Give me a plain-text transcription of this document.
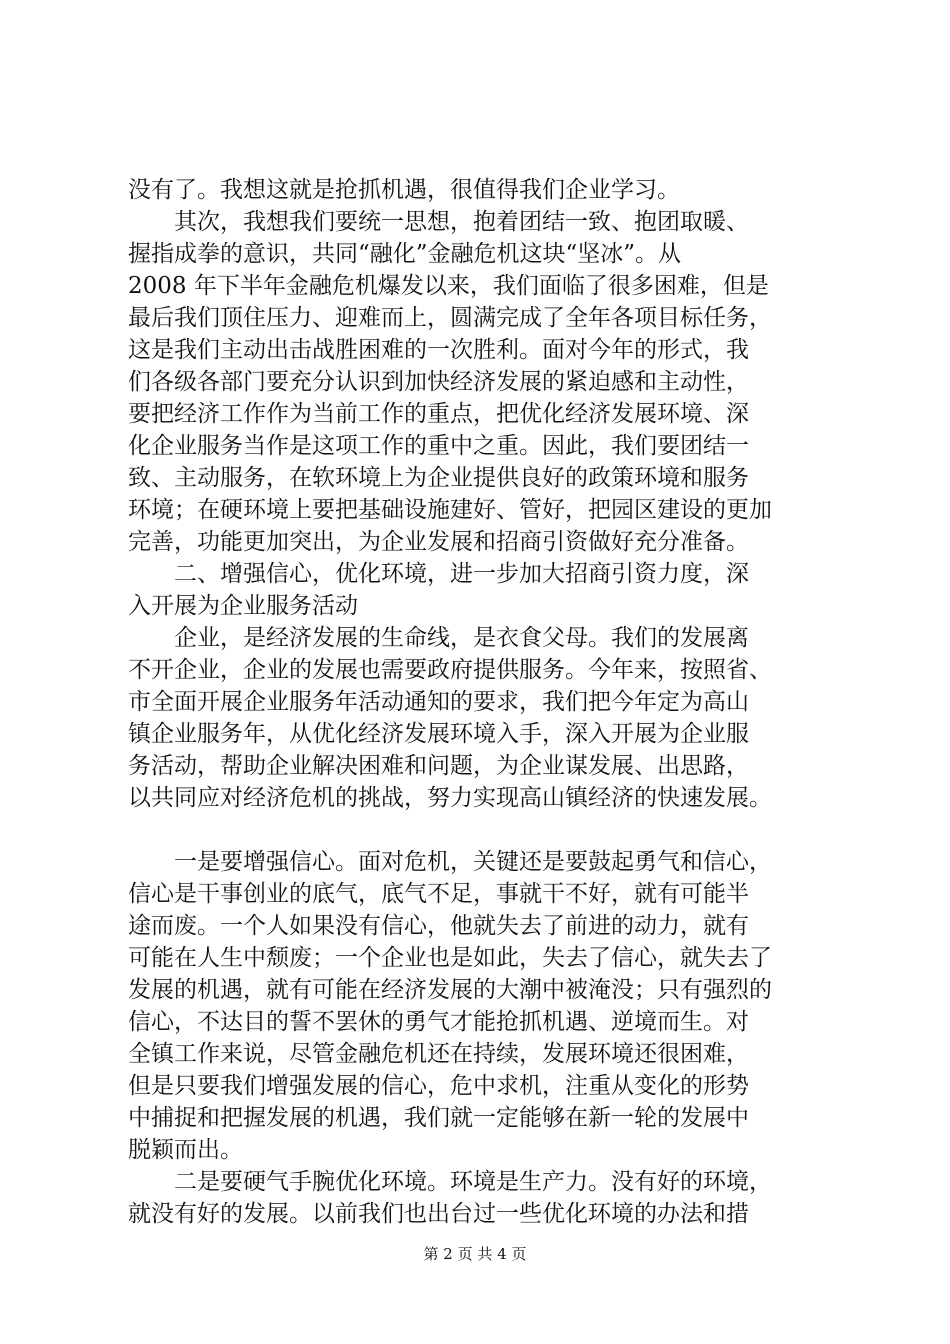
没有了。我想这就是抢抓机遇，很值得我们企业学习。
　　其次，我想我们要统一思想，抱着团结一致、抱团取暖、
握指成拳的意识，共同“融化”金融危机这块“坚冰”。从
2008 年下半年金融危机爆发以来，我们面临了很多困难，但是
最后我们顶住压力、迎难而上，圆满完成了全年各项目标任务，
这是我们主动出击战胜困难的一次胜利。面对今年的形式，我
们各级各部门要充分认识到加快经济发展的紧迫感和主动性，
要把经济工作作为当前工作的重点，把优化经济发展环境、深
化企业服务当作是这项工作的重中之重。因此，我们要团结一
致、主动服务，在软环境上为企业提供良好的政策环境和服务
环境；在硬环境上要把基础设施建好、管好，把园区建设的更加
完善，功能更加突出，为企业发展和招商引资做好充分准备。
　　二、增强信心，优化环境，进一步加大招商引资力度，深
入开展为企业服务活动
　　企业，是经济发展的生命线，是衣食父母。我们的发展离
不开企业，企业的发展也需要政府提供服务。今年来，按照省、
市全面开展企业服务年活动通知的要求，我们把今年定为高山
镇企业服务年，从优化经济发展环境入手，深入开展为企业服
务活动，帮助企业解决困难和问题，为企业谋发展、出思路，
以共同应对经济危机的挑战，努力实现高山镇经济的快速发展。
　　一是要增强信心。面对危机，关键还是要鼓起勇气和信心，
信心是干事创业的底气，底气不足，事就干不好，就有可能半
途而废。一个人如果没有信心，他就失去了前进的动力，就有
可能在人生中颓废；一个企业也是如此，失去了信心，就失去了
发展的机遇，就有可能在经济发展的大潮中被淹没；只有强烈的
信心，不达目的誓不罢休的勇气才能抢抓机遇、逆境而生。对
全镇工作来说，尽管金融危机还在持续，发展环境还很困难，
但是只要我们增强发展的信心，危中求机，注重从变化的形势
中捕捉和把握发展的机遇，我们就一定能够在新一轮的发展中
脱颖而出。
　　二是要硬气手腕优化环境。环境是生产力。没有好的环境，
就没有好的发展。以前我们也出台过一些优化环境的办法和措
第 2 页 共 4 页
